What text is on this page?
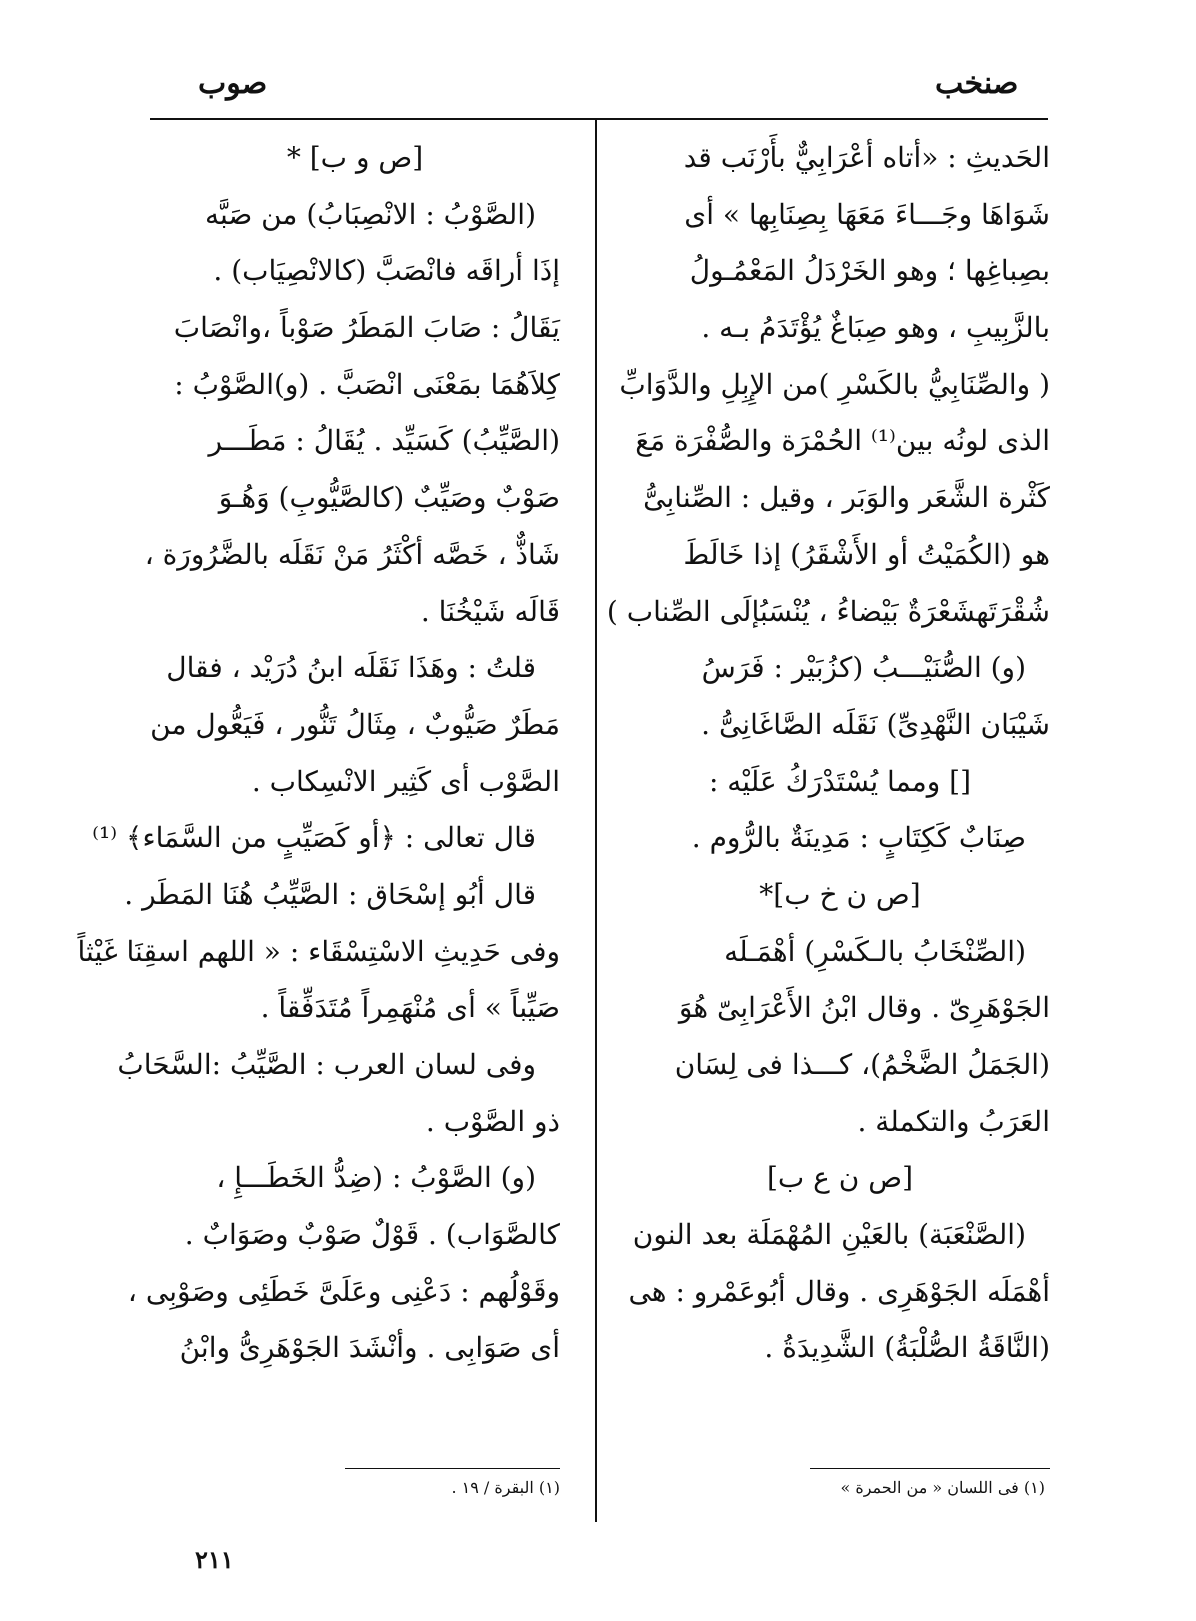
صنخب
صوب
الحَديثِ : «أتاه أعْرَابِيٌّ بأَرْنَب قد
شَوَاهَا وجَـــاءَ مَعَهَا بِصِنَابِها » أى
بصِباغِها ؛ وهو الخَرْدَلُ المَعْمُـولُ
بالزَّبِيبِ ، وهو صِبَاغٌ يُؤْتَدَمُ بـه .
( والصِّنَابِيُّ بالكَسْرِ )من الإِبِلِ والدَّوَابِّ
الذى لونُه بين⁽¹⁾ الحُمْرَة والصُّفْرَة مَعَ
كَثْرة الشَّعَر والوَبَر ، وقيل : الصِّنابِىُّ
هو (الكُمَيْتُ أو الأَشْقَرُ) إذا خَالَطَ
شُقْرَتَهشَعْرَةٌ بَيْضاءُ ، يُنْسَبُإلَى الصِّناب )
(و) الصُّنَيْـــبُ (كزُبَيْر : فَرَسُ
شَيْبَان النَّهْدِىِّ) نَقَلَه الصَّاغَانِىُّ .
[] ومما يُسْتَدْرَكُ عَلَيْه :
صِنَابٌ كَكِتَابٍ : مَدِينَةٌ بالرُّوم .
[ص ن خ ب]*
(الصِّنْخَابُ بالـكَسْرِ) أهْمَـلَه
الجَوْهَرِىّ . وقال ابْنُ الأَعْرَابِىّ هُوَ
(الجَمَلُ الضَّخْمُ)، كـــذا فى لِسَان
العَرَبُ والتكملة .
[ص ن ع ب]
(الصَّنْعَبَة) بالعَيْنِ المُهْمَلَة بعد النون
أهْمَلَه الجَوْهَرِى . وقال أبُوعَمْرو : هى
(النَّاقَةُ الصُّلْبَةُ) الشَّدِيدَةُ .
[ص و ب] *
(الصَّوْبُ : الانْصِبَابُ) من صَبَّه
إذَا أراقَه فانْصَبَّ (كالانْصِيَاب) .
يَقَالُ : صَابَ المَطَرُ صَوْباً ،وانْصَابَ
كِلاَهُمَا بمَعْنَى انْصَبَّ . (و)الصَّوْبُ :
(الصَّيِّبُ) كَسَيِّد . يُقَالُ : مَطَـــر
صَوْبٌ وصَيِّبٌ (كالصَّيُّوبِ) وَهُـوَ
شَاذٌّ ، خَصَّه أكْثَرُ مَنْ نَقَلَه بالضَّرُورَة ،
قَالَه شَيْخُنَا .
قلتُ : وهَذَا نَقَلَه ابنُ دُرَيْد ، فقال
مَطَرٌ صَيُّوبٌ ، مِثَالُ تَنُّور ، فَيَعُّول من
الصَّوْب أى كَثِير الانْسِكاب .
قال تعالى : ﴿أو كَصَيِّبٍ من السَّمَاء﴾ ⁽¹⁾
قال أبُو إسْحَاق : الصَّيِّبُ هُنَا المَطَر .
وفى حَدِيثِ الاسْتِسْقَاء : « اللهم اسقِنَا غَيْثاً
صَيِّباً » أى مُنْهَمِراً مُتَدَفِّقاً .
وفى لسان العرب : الصَّيِّبُ :السَّحَابُ
ذو الصَّوْب .
(و) الصَّوْبُ : (ضِدُّ الخَطَـــإِ ،
كالصَّوَاب) . قَوْلٌ صَوْبٌ وصَوَابٌ .
وقَوْلُهم : دَعْنِى وعَلَىَّ خَطَئِى وصَوْبِى ،
أى صَوَابِى . وأنْشَدَ الجَوْهَرِىُّ وابْنُ
(١) فى اللسان « من الحمرة »
(١) البقرة / ١٩ .
٢١١
